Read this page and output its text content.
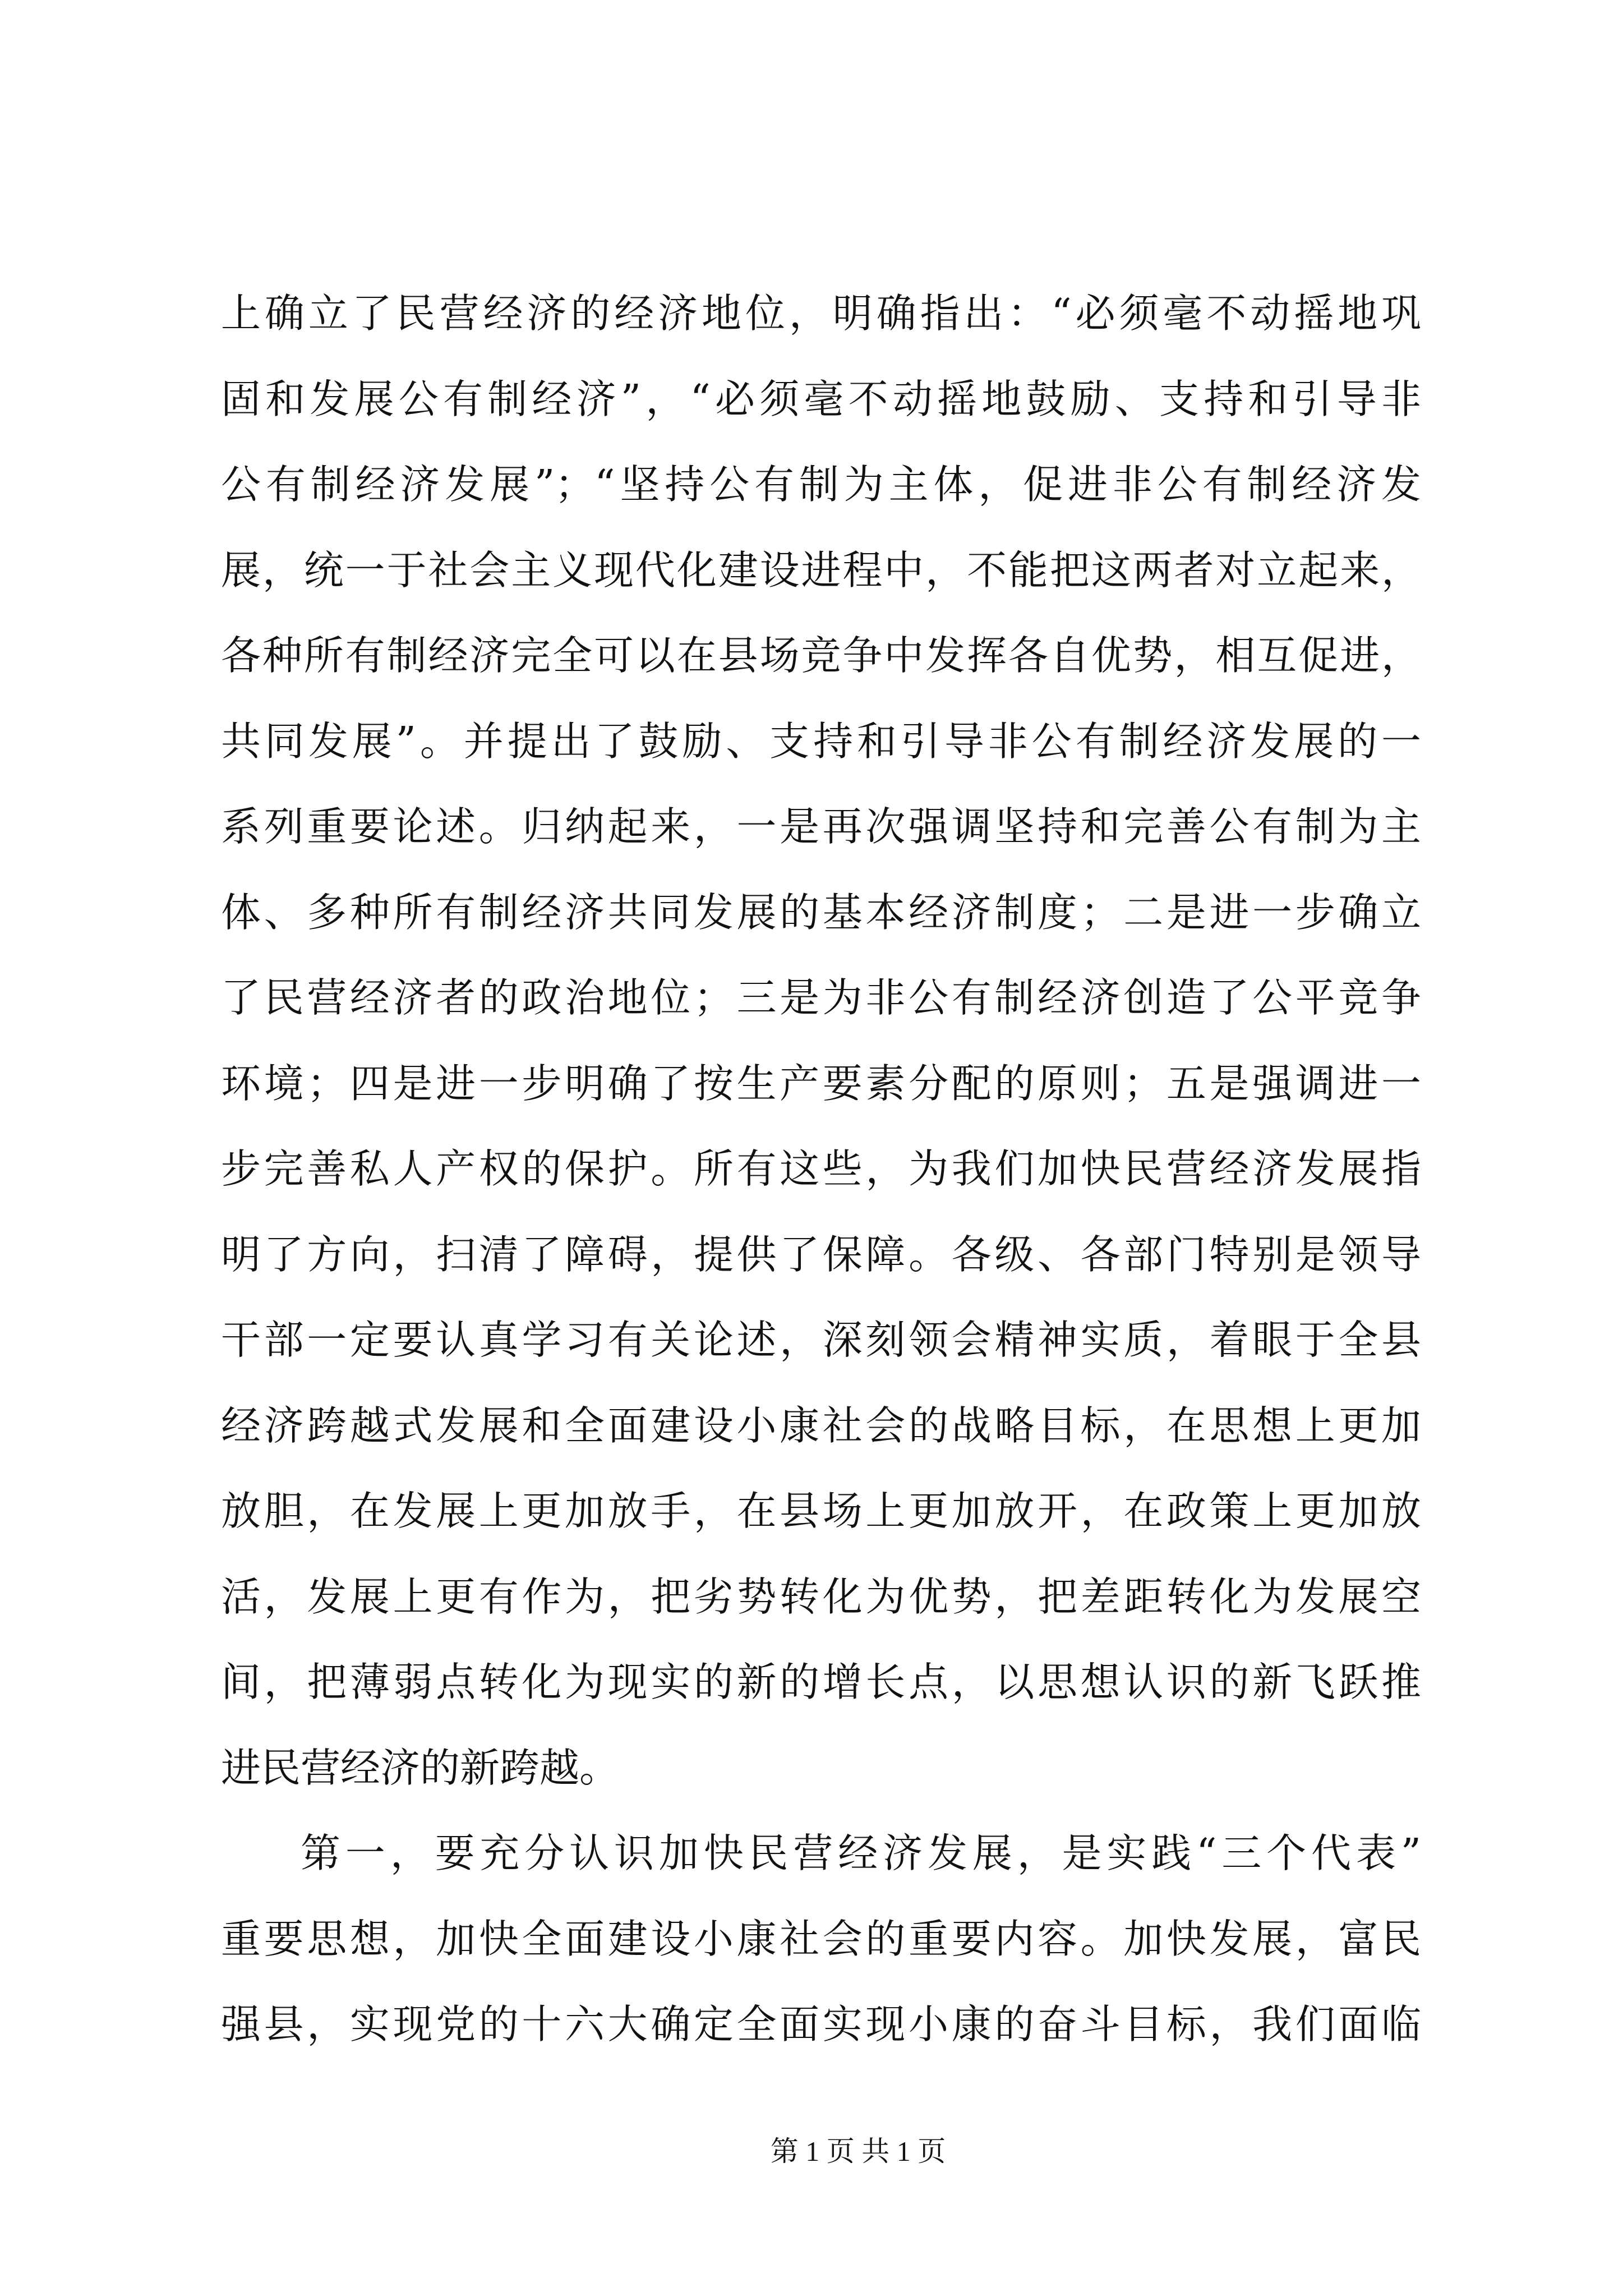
上确立了民营经济的经济地位，明确指出：“必须毫不动摇地巩
固和发展公有制经济”，“必须毫不动摇地鼓励、支持和引导非
公有制经济发展”；“坚持公有制为主体，促进非公有制经济发
展，统一于社会主义现代化建设进程中，不能把这两者对立起来，
各种所有制经济完全可以在县场竞争中发挥各自优势，相互促进，
共同发展”。并提出了鼓励、支持和引导非公有制经济发展的一
系列重要论述。归纳起来，一是再次强调坚持和完善公有制为主
体、多种所有制经济共同发展的基本经济制度；二是进一步确立
了民营经济者的政治地位；三是为非公有制经济创造了公平竞争
环境；四是进一步明确了按生产要素分配的原则；五是强调进一
步完善私人产权的保护。所有这些，为我们加快民营经济发展指
明了方向，扫清了障碍，提供了保障。各级、各部门特别是领导
干部一定要认真学习有关论述，深刻领会精神实质，着眼于全县
经济跨越式发展和全面建设小康社会的战略目标，在思想上更加
放胆，在发展上更加放手，在县场上更加放开，在政策上更加放
活，发展上更有作为，把劣势转化为优势，把差距转化为发展空
间，把薄弱点转化为现实的新的增长点，以思想认识的新飞跃推
进民营经济的新跨越。
第一，要充分认识加快民营经济发展，是实践“三个代表”
重要思想，加快全面建设小康社会的重要内容。加快发展，富民
强县，实现党的十六大确定全面实现小康的奋斗目标，我们面临
第 1 页 共 1 页
